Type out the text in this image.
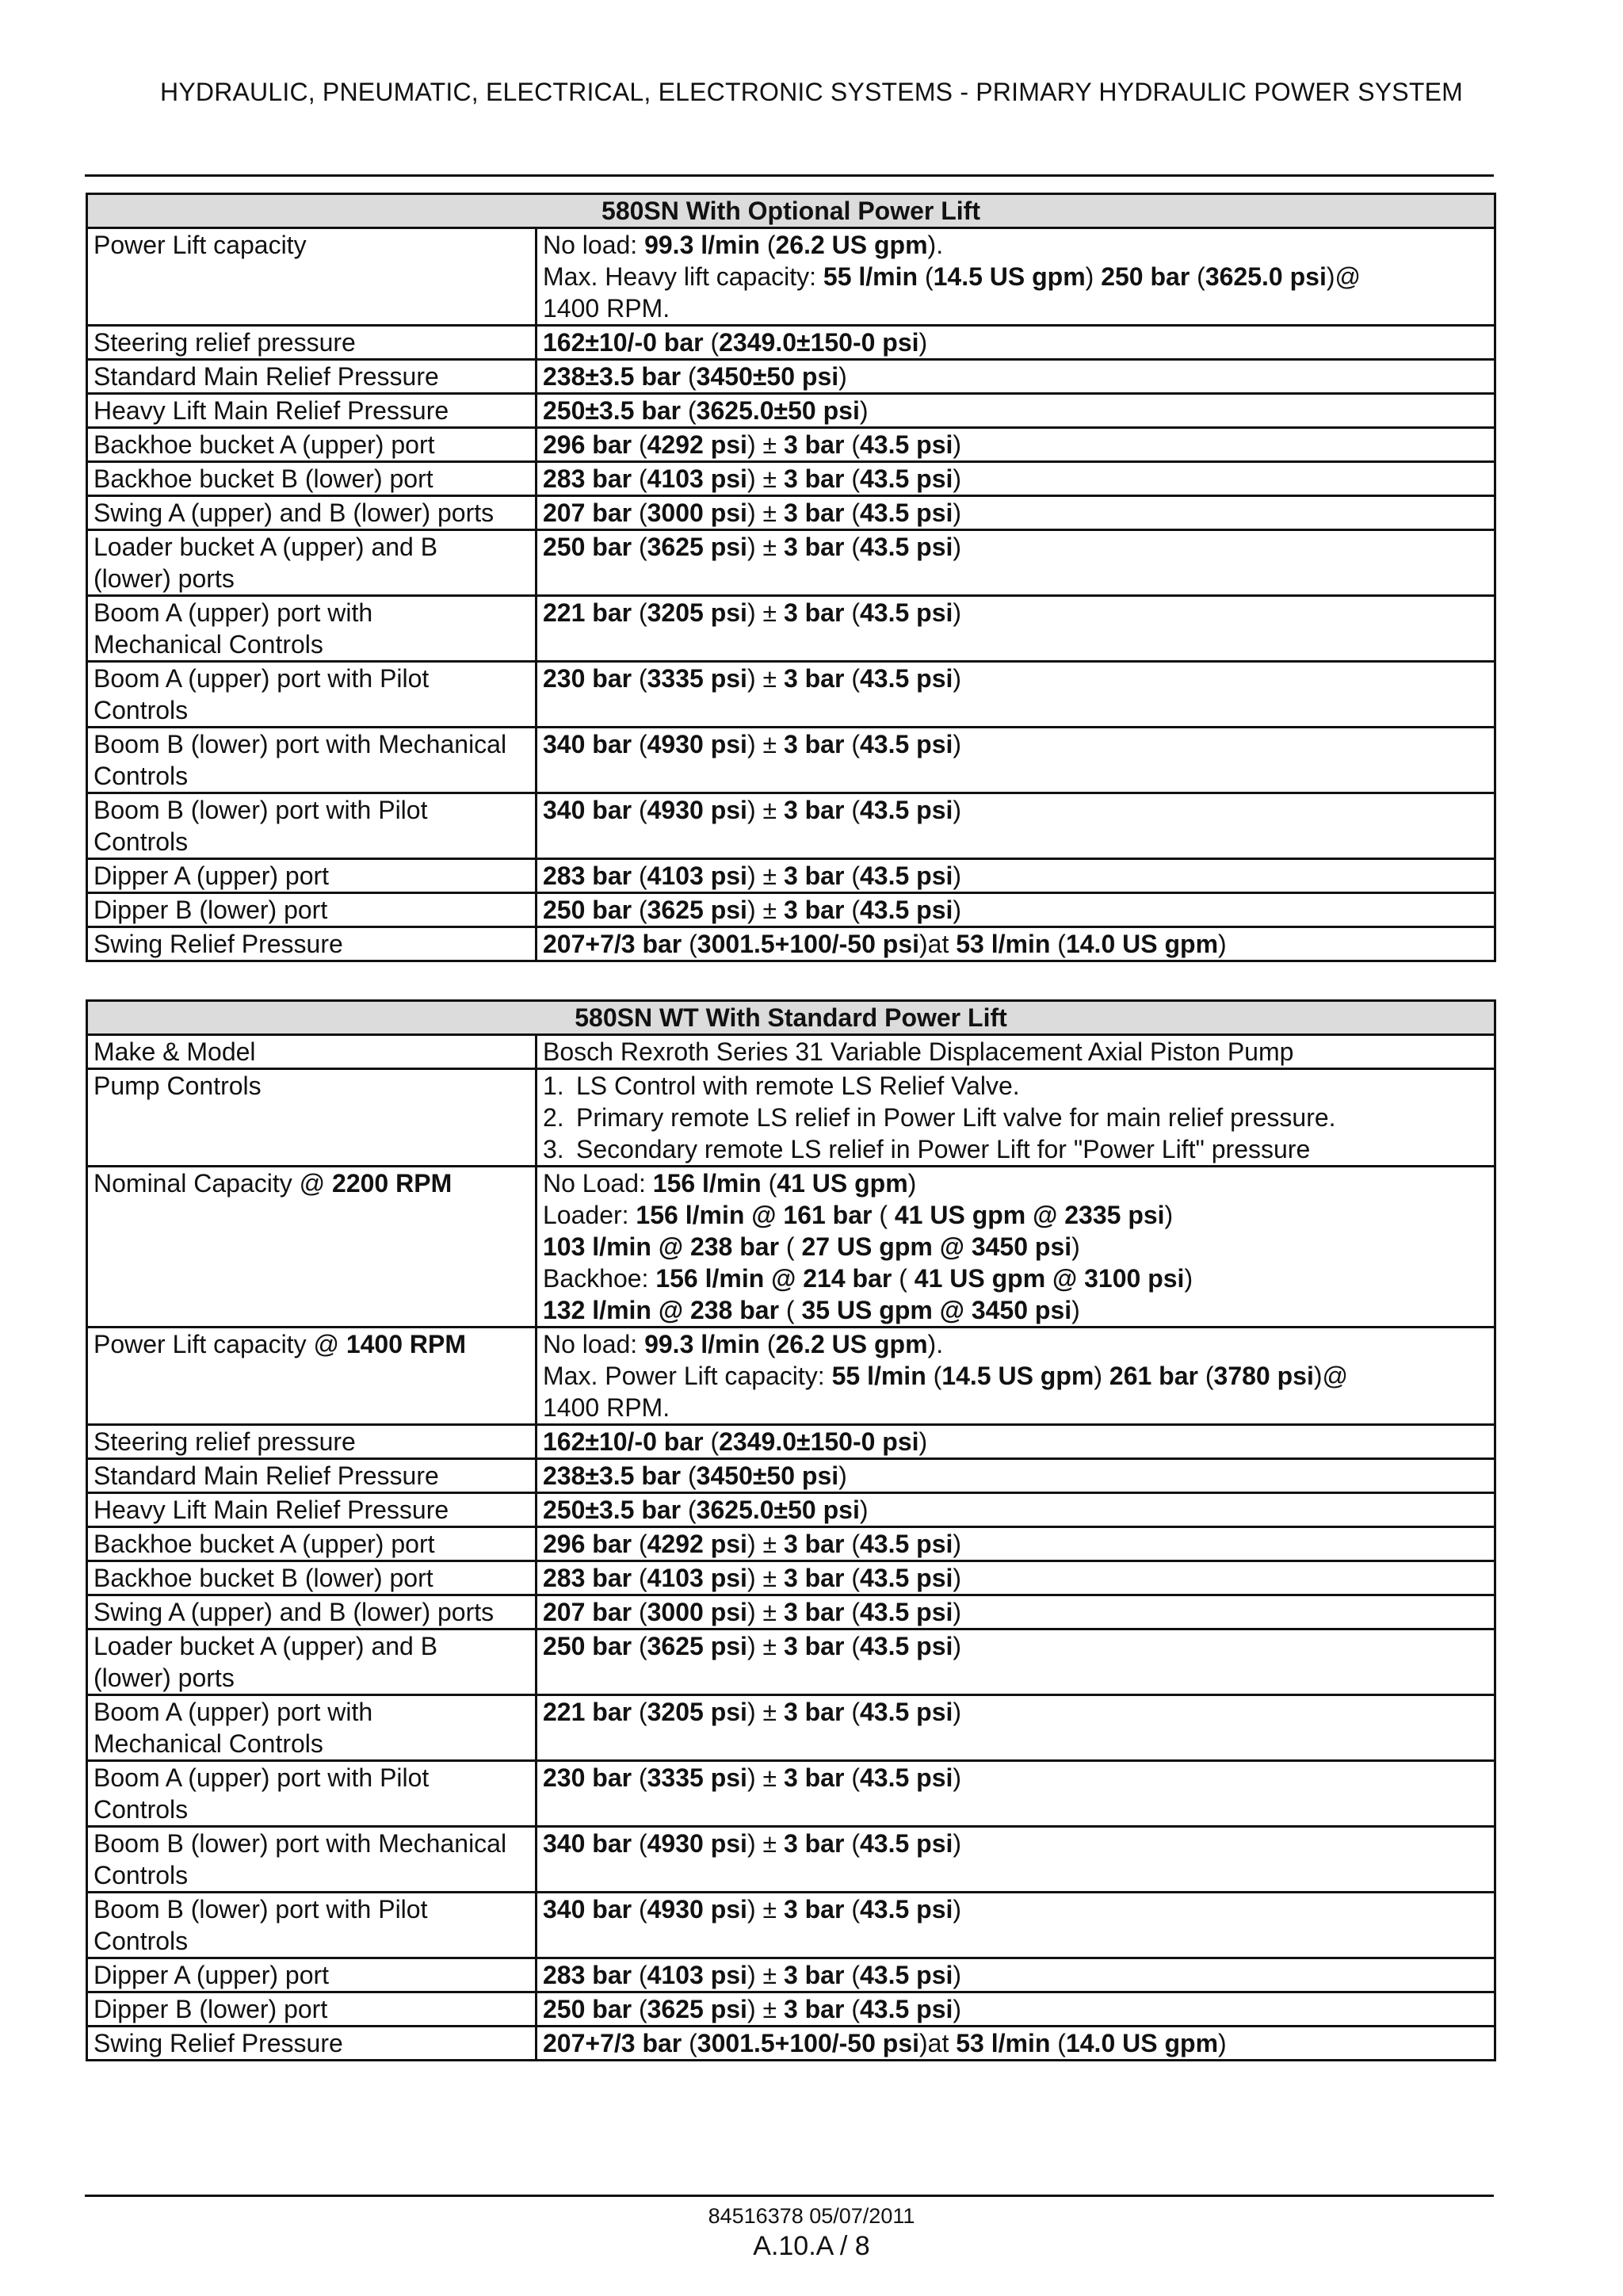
HYDRAULIC, PNEUMATIC, ELECTRICAL, ELECTRONIC SYSTEMS - PRIMARY HYDRAULIC POWER SYSTEM
580SN With Optional Power Lift	

Power Lift capacity	No load: 99.3 l/min (26.2 US gpm).
Max. Heavy lift capacity: 55 l/min (14.5 US gpm) 250 bar (3625.0 psi)@
1400 RPM.

Steering relief pressure	162±10/-0 bar (2349.0±150-0 psi)

Standard Main Relief Pressure	238±3.5 bar (3450±50 psi)

Heavy Lift Main Relief Pressure	250±3.5 bar (3625.0±50 psi)

Backhoe bucket A (upper) port	296 bar (4292 psi) ± 3 bar (43.5 psi)

Backhoe bucket B (lower) port	283 bar (4103 psi) ± 3 bar (43.5 psi)

Swing A (upper) and B (lower) ports	207 bar (3000 psi) ± 3 bar (43.5 psi)

Loader bucket A (upper) and B
(lower) ports	250 bar (3625 psi) ± 3 bar (43.5 psi)

Boom A (upper) port with
Mechanical Controls	221 bar (3205 psi) ± 3 bar (43.5 psi)

Boom A (upper) port with Pilot
Controls	230 bar (3335 psi) ± 3 bar (43.5 psi)

Boom B (lower) port with Mechanical
Controls	340 bar (4930 psi) ± 3 bar (43.5 psi)

Boom B (lower) port with Pilot
Controls	340 bar (4930 psi) ± 3 bar (43.5 psi)

Dipper A (upper) port	283 bar (4103 psi) ± 3 bar (43.5 psi)

Dipper B (lower) port	250 bar (3625 psi) ± 3 bar (43.5 psi)

Swing Relief Pressure	207+7/3 bar (3001.5+100/-50 psi)at 53 l/min (14.0 US gpm)
580SN WT With Standard Power Lift	

Make & Model	Bosch Rexroth Series 31 Variable Displacement Axial Piston Pump

Pump Controls	1. LS Control with remote LS Relief Valve.
2. Primary remote LS relief in Power Lift valve for main relief pressure.
3. Secondary remote LS relief in Power Lift for "Power Lift" pressure

Nominal Capacity @ 2200 RPM	No Load: 156 l/min (41 US gpm)
Loader: 156 l/min @ 161 bar ( 41 US gpm @ 2335 psi)
103 l/min @ 238 bar ( 27 US gpm @ 3450 psi)
Backhoe: 156 l/min @ 214 bar ( 41 US gpm @ 3100 psi)
132 l/min @ 238 bar ( 35 US gpm @ 3450 psi)

Power Lift capacity @ 1400 RPM	No load: 99.3 l/min (26.2 US gpm).
Max. Power Lift capacity: 55 l/min (14.5 US gpm) 261 bar (3780 psi)@
1400 RPM.

Steering relief pressure	162±10/-0 bar (2349.0±150-0 psi)

Standard Main Relief Pressure	238±3.5 bar (3450±50 psi)

Heavy Lift Main Relief Pressure	250±3.5 bar (3625.0±50 psi)

Backhoe bucket A (upper) port	296 bar (4292 psi) ± 3 bar (43.5 psi)

Backhoe bucket B (lower) port	283 bar (4103 psi) ± 3 bar (43.5 psi)

Swing A (upper) and B (lower) ports	207 bar (3000 psi) ± 3 bar (43.5 psi)

Loader bucket A (upper) and B
(lower) ports	250 bar (3625 psi) ± 3 bar (43.5 psi)

Boom A (upper) port with
Mechanical Controls	221 bar (3205 psi) ± 3 bar (43.5 psi)

Boom A (upper) port with Pilot
Controls	230 bar (3335 psi) ± 3 bar (43.5 psi)

Boom B (lower) port with Mechanical
Controls	340 bar (4930 psi) ± 3 bar (43.5 psi)

Boom B (lower) port with Pilot
Controls	340 bar (4930 psi) ± 3 bar (43.5 psi)

Dipper A (upper) port	283 bar (4103 psi) ± 3 bar (43.5 psi)

Dipper B (lower) port	250 bar (3625 psi) ± 3 bar (43.5 psi)

Swing Relief Pressure	207+7/3 bar (3001.5+100/-50 psi)at 53 l/min (14.0 US gpm)
84516378 05/07/2011
A.10.A / 8
